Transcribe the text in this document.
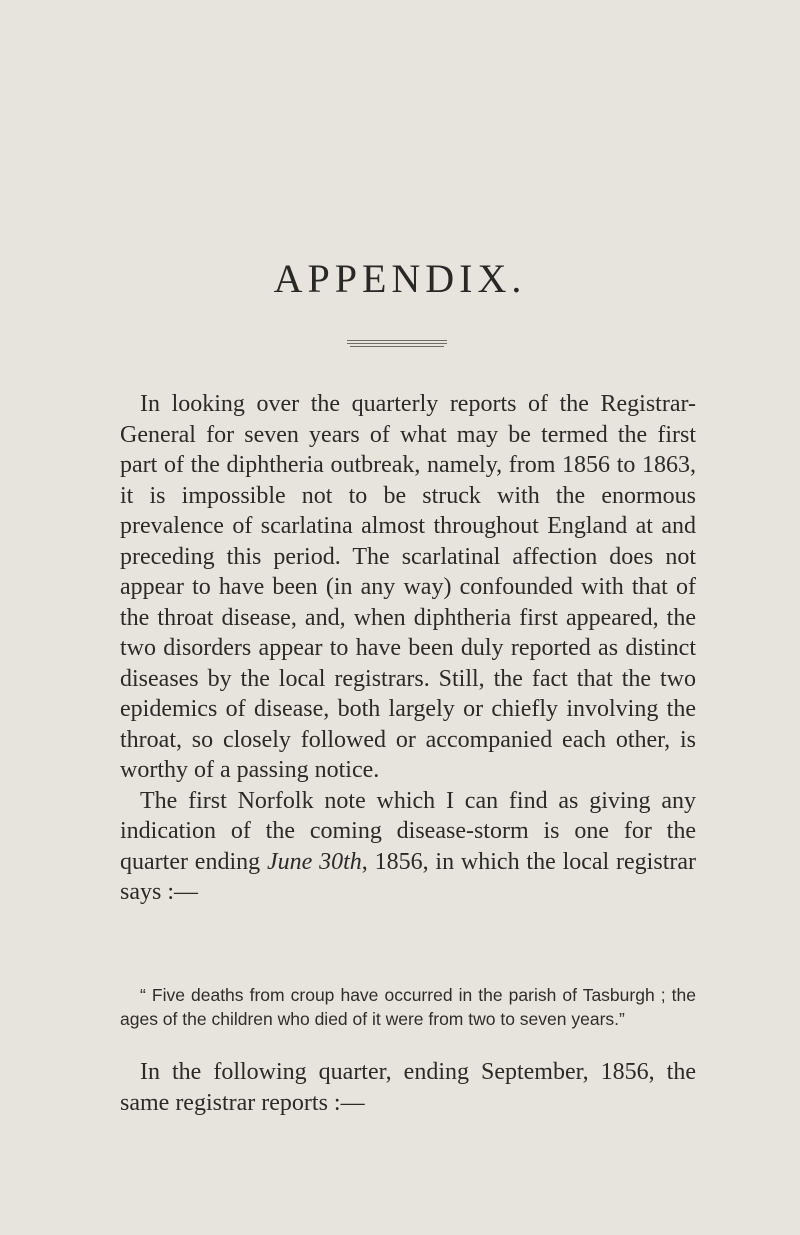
APPENDIX.

In looking over the quarterly reports of the Registrar-General for seven years of what may be termed the first part of the diphtheria outbreak, namely, from 1856 to 1863, it is impossible not to be struck with the enormous prevalence of scarlatina almost throughout England at and preceding this period. The scarlatinal affection does not appear to have been (in any way) confounded with that of the throat disease, and, when diphtheria first appeared, the two disorders appear to have been duly reported as distinct diseases by the local registrars. Still, the fact that the two epidemics of disease, both largely or chiefly involving the throat, so closely followed or accompanied each other, is worthy of a passing notice.

The first Norfolk note which I can find as giving any indication of the coming disease-storm is one for the quarter ending June 30th, 1856, in which the local registrar says :—

“ Five deaths from croup have occurred in the parish of Tasburgh ; the ages of the children who died of it were from two to seven years.”

In the following quarter, ending September, 1856, the same registrar reports :—
